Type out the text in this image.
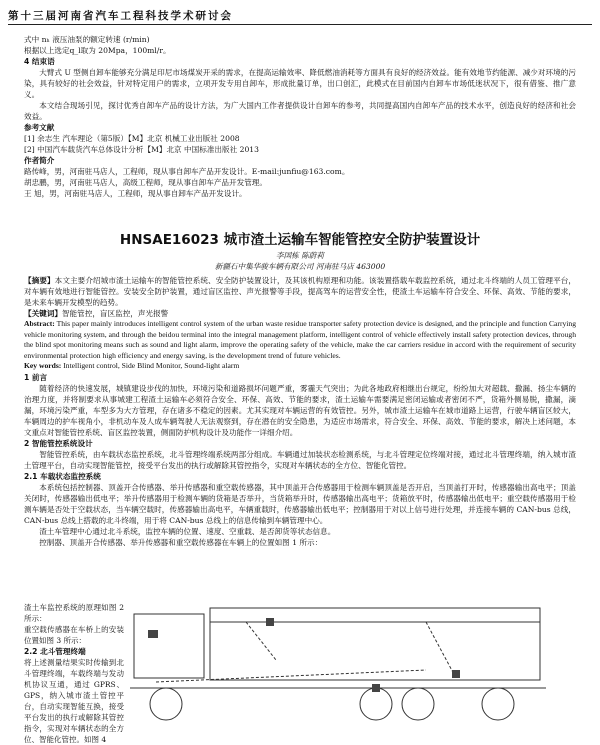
第十三届河南省汽车工程科技学术研讨会
式中 nₕ 液压油泵的额定转速 (r/min)
根据以上选定q_l取为 20Mpa，100ml/r。
4 结束语

大臂式 U 型侧自卸车能够充分满足印尼市场煤炭开采的需求，在提高运输效率、降低燃油消耗等方面具有良好的经济效益。能有效地节约能源、减少对环境的污染，具有较好的社会效益，针对特定用户的需求，立项开发专用自卸车，形成批量订单，出口创汇，此模式在目前国内自卸车市场低迷状况下，很有借鉴、推广意义。

本文结合现场引见，探讨优秀自卸车产品的设计方法，为广大国内工作者提供设计自卸车的参考，共同提高国内自卸车产品的技术水平，创造良好的经济和社会效益。

参考文献
[1] 余志生 汽车理论（第5版）【M】北京 机械工业出版社 2008
[2] 中国汽车载货汽车总体设计分析【M】北京 中国标准出版社 2013
作者简介
路传峰，男，河南驻马店人，工程师，现从事自卸车产品开发设计。E-mail:junfiu@163.com。
胡忠鹏，男，河南驻马店人，高级工程师，现从事自卸车产品开发管理。
王 旭，男，河南驻马店人，工程师，现从事自卸车产品开发设计。
HNSAE16023 城市渣土运输车智能管控安全防护装置设计
李国栋 陈蔚莉
新疆石中集华骏车辆有限公司 河南驻马店 463000

【摘要】本文主要介绍城市渣土运输车的智能管控系统、安全防护装置设计，及其该机构原理和功能。该装置搭载车载监控系统，通过北斗终端的人员工管理平台，对车辆有效地进行智能管控。安装安全防护装置，通过盲区监控、声光报警等手段，提高驾车的运营安全性，使渣土车运输车符合安全、环保、高效、节能的要求，是未来车辆开发模型的趋势。

【关键词】智能管控，盲区监控，声光报警

Abstract: This paper mainly introduces intelligent control system of the urban waste residue transporter safety protection device is designed, and the principle and function Carrying vehicle monitoring system, and through the beidou terminal into the integral management platform, intelligent control of vehicle effectively install safety protection devices, through the blind spot monitoring means such as sound and light alarm, improve the operating safety of the vehicle, make the car carriers residue in accord with the requirement of security environmental protection high efficiency and energy saving, is the development trend of future vehicles.

Key words: Intelligent control, Side Blind Monitor, Sound-light alarm

1 前言

随着经济的快速发展，城镇建设步伐的加快，环境污染和道路损坏问题严重，雾霾天气突出；为此各地政府相继出台规定，纷纷加大对超载、撒漏、扬尘车辆的治理力度，并将制要求从事城建工程渣土运输车必须符合安全、环保、高效、节能的要求，渣土运输车需要满足密闭运输或者密闭不严，货箱外侧易脱，撒漏，滴漏，环境污染严重，车型多为大方管理，存在诸多不稳定的因素。尤其实现对车辆运营的有效管控。另外，城市渣土运输车在城市道路上运营，行驶车辆盲区较大，车辆周边的护车视角小，非机动车及人成车辆驾驶人无法观察到，存在潜在的安全隐患，为适应市场需求，符合安全、环保、高效、节能的要求，解决上述问题，本文重点对智能管控系统、盲区监控装置，侧面防护机构设计及功能作一详细介绍。

2 智能管控系统设计

智能管控系统，由车载状态监控系统，北斗管理终端系统两部分组成。车辆通过加装状态检测系统，与北斗管理定位终端对接，通过北斗管理终端，纳入城市渣土管理平台，自动实现智能管控，接受平台发出的执行或解除其管控指令，实现对车辆状态的全方位、智能化管控。

2.1 车载状态监控系统

本系统包括控制器、顶盖开合传感器、举升传感器和重空载传感器，其中顶盖开合传感器用于检测车辆顶盖是否开启，当顶盖打开时，传感器输出高电平；顶盖关闭时，传感器输出低电平；举升传感器用于检测车辆的货箱是否举升，当货箱举升时，传感器输出高电平；货箱放平时，传感器输出低电平；重空载传感器用于检测车辆是否处于空载状态，当车辆空载时，传感器输出高电平，车辆重载时，传感器输出低电平；控制器用于对以上信号进行处理，并连接车辆的 CAN-bus 总线，CAN-bus 总线上搭载的北斗终端，用于将 CAN-bus 总线上的信息传输到车辆管理中心。

渣土车管理中心通过北斗系统，监控车辆的位置、速度、空重载、是否卸货等状态信息。

控制器、顶盖开合传感器、举升传感器和重空载传感器在车辆上的位置如图 1 所示：

渣土车监控系统的原理如图 2 所示：

重空载传感器在车桥上的安装位置如图 3 所示：

2.2 北斗管理终端

将上述测量结果实时传输到北斗管理终端，车载终端与发动机协议互通，通过 GPRS、GPS，纳入城市渣土管控平台，自动实现智能互换，接受平台发出的执行或解除其管控指令，实现对车辆状态的全方位、智能化管控。如图 4
